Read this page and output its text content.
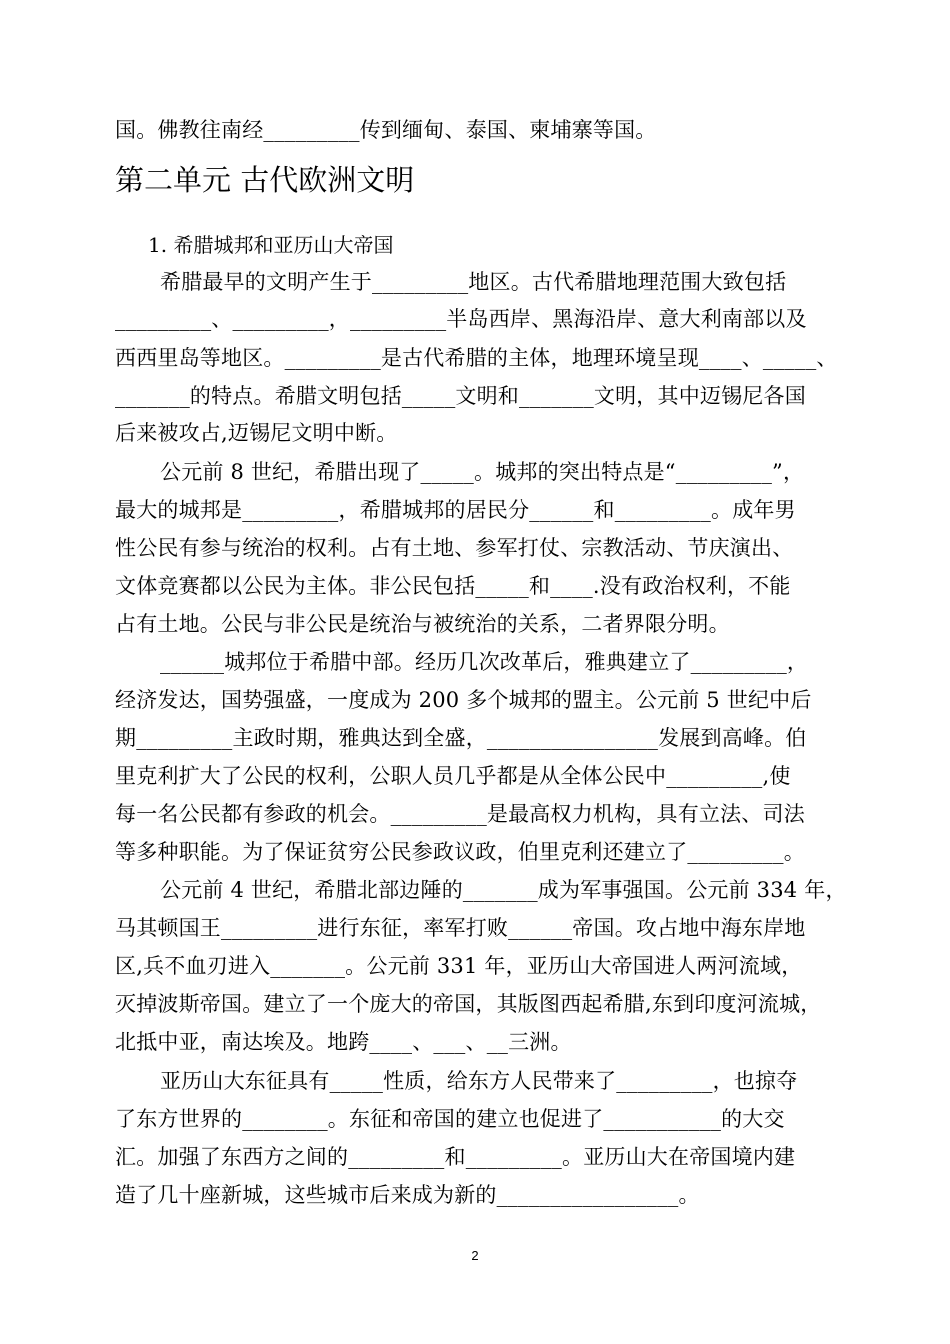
国。佛教往南经_________传到缅甸、泰国、柬埔寨等国。
第二单元 古代欧洲文明
1. 希腊城邦和亚历山大帝国
希腊最早的文明产生于_________地区。古代希腊地理范围大致包括
_________、_________，_________半岛西岸、黑海沿岸、意大利南部以及
西西里岛等地区。_________是古代希腊的主体，地理环境呈现____、_____、
_______的特点。希腊文明包括_____文明和_______文明，其中迈锡尼各国
后来被攻占,迈锡尼文明中断。
公元前 8 世纪，希腊出现了_____。城邦的突出特点是“_________”，
最大的城邦是_________，希腊城邦的居民分______和_________。成年男
性公民有参与统治的权利。占有土地、参军打仗、宗教活动、节庆演出、
文体竞赛都以公民为主体。非公民包括_____和____.没有政治权利，不能
占有土地。公民与非公民是统治与被统治的关系，二者界限分明。
______城邦位于希腊中部。经历几次改革后，雅典建立了_________，
经济发达，国势强盛，一度成为 200 多个城邦的盟主。公元前 5 世纪中后
期_________主政时期，雅典达到全盛，________________发展到高峰。伯
里克利扩大了公民的权利，公职人员几乎都是从全体公民中_________,使
每一名公民都有参政的机会。_________是最高权力机构，具有立法、司法
等多种职能。为了保证贫穷公民参政议政，伯里克利还建立了_________。
公元前 4 世纪，希腊北部边陲的_______成为军事强国。公元前 334 年，
马其顿国王_________进行东征，率军打败______帝国。攻占地中海东岸地
区,兵不血刃进入_______。公元前 331 年，亚历山大帝国进人两河流域，
灭掉波斯帝国。建立了一个庞大的帝国，其版图西起希腊,东到印度河流城，
北抵中亚，南达埃及。地跨____、___、__三洲。
亚历山大东征具有_____性质，给东方人民带来了_________，也掠夺
了东方世界的________。东征和帝国的建立也促进了___________的大交
汇。加强了东西方之间的_________和_________。亚历山大在帝国境内建
造了几十座新城，这些城市后来成为新的_________________。
2
